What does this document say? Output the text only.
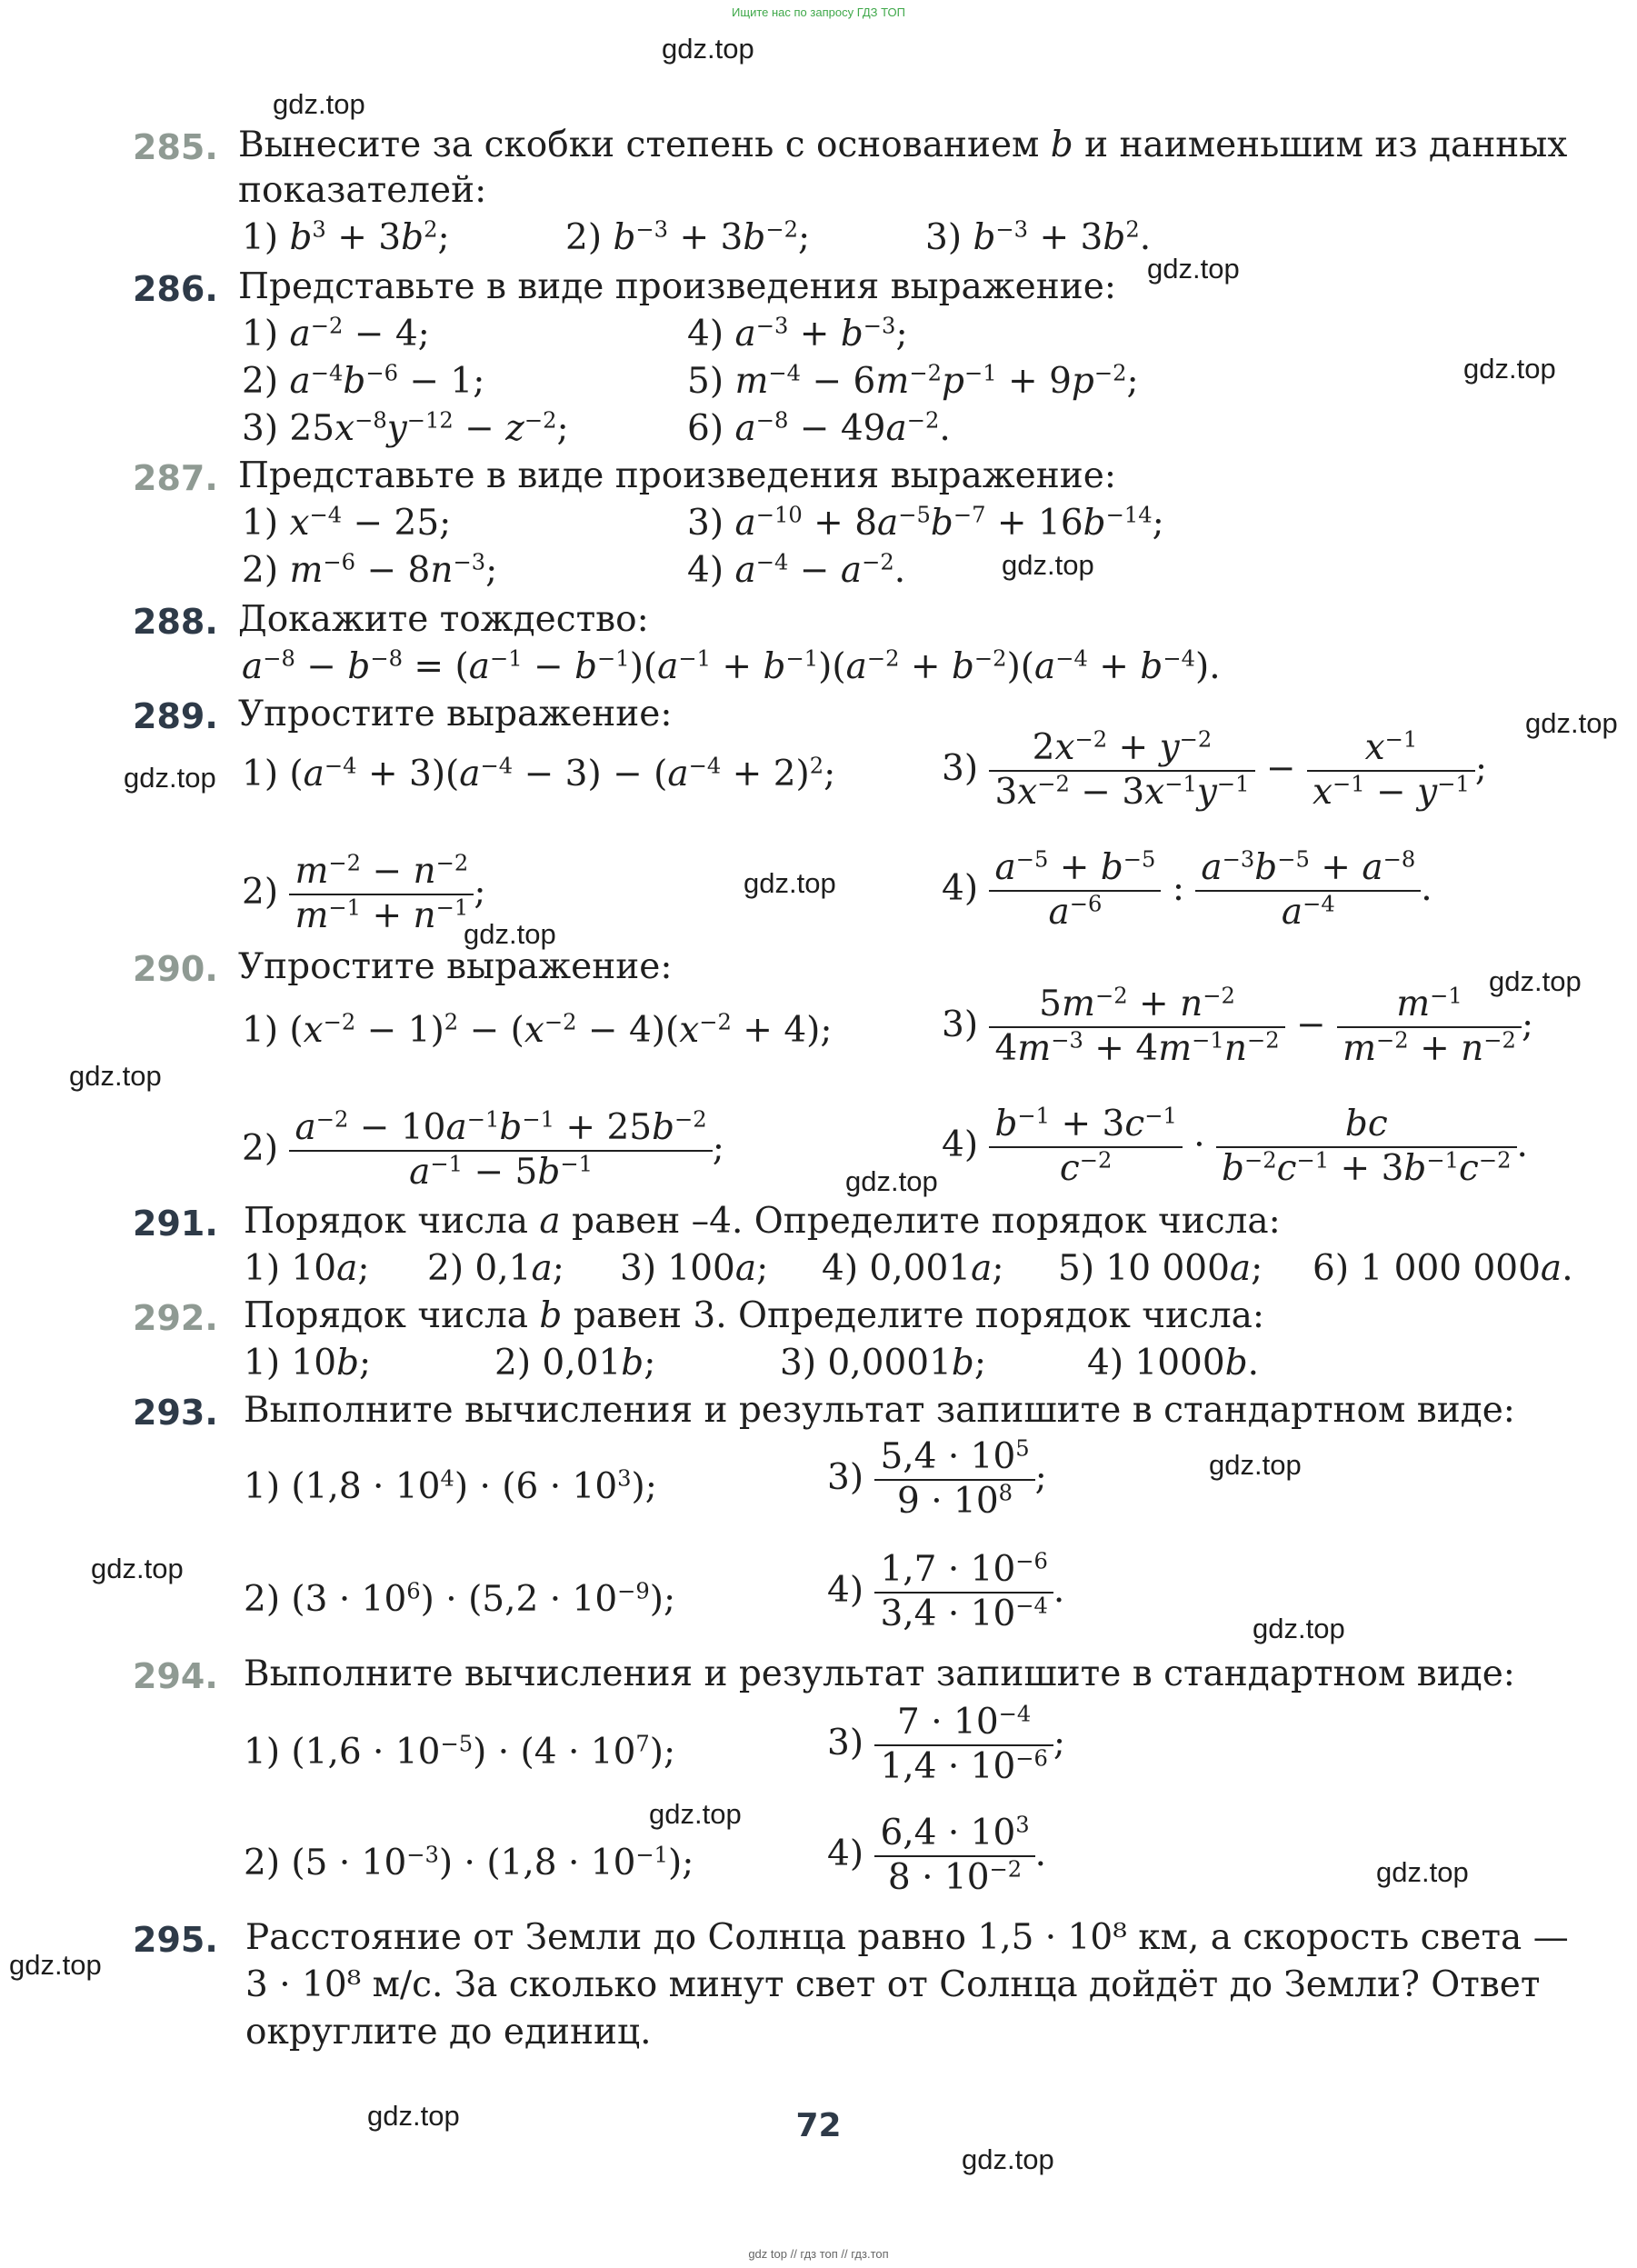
Ищите нас по запросу ГДЗ ТОП
gdz.top
gdz.top
gdz.top
gdz.top
gdz.top
gdz.top
gdz.top
gdz.top
gdz.top
gdz.top
gdz.top
gdz.top
gdz.top
gdz.top
gdz.top
gdz.top
gdz.top
gdz.top
gdz.top
gdz.top
285. Вынесите за скобки степень с основанием b и наименьшим из данных
показателей:
1) $b^3 + 3b^2$;	2) $b^{-3} + 3b^{-2}$;	3) $b^{-3} + 3b^2$.
286. Представьте в виде произведения выражение:
1) $a^{-2} - 4$;	4) $a^{-3} + b^{-3}$;
2) $a^{-4}b^{-6} - 1$;	5) $m^{-4} - 6m^{-2}p^{-1} + 9p^{-2}$;
3) $25x^{-8}y^{-12} - z^{-2}$;	6) $a^{-8} - 49a^{-2}$.
287. Представьте в виде произведения выражение:
1) $x^{-4} - 25$;	3) $a^{-10} + 8a^{-5}b^{-7} + 16b^{-14}$;
2) $m^{-6} - 8n^{-3}$;	4) $a^{-4} - a^{-2}$.
288. Докажите тождество:
$a^{-8} - b^{-8} = (a^{-1} - b^{-1})(a^{-1} + b^{-1})(a^{-2} + b^{-2})(a^{-4} + b^{-4})$.
289. Упростите выражение:
1) $(a^{-4} + 3)(a^{-4} - 3) - (a^{-4} + 2)^2$;	$3) \frac{2x^{-2} + y^{-2}}{3x^{-2} - 3x^{-1}y^{-1}} - \frac{x^{-1}}{x^{-1} - y^{-1}}$ ;
$2) \frac{m^{-2} - n^{-2}}{m^{-1} + n^{-1}}$ ;	$4) \frac{a^{-5} + b^{-5}}{a^{-6}}$ : $\frac{a^{-3}b^{-5} + a^{-8}}{a^{-4}}$ .
290. Упростите выражение:
1) $(x^{-2} - 1)^2 - (x^{-2} - 4)(x^{-2} + 4)$;	$3) \frac{5m^{-2} + n^{-2}}{4m^{-3} + 4m^{-1}n^{-2}} - \frac{m^{-1}}{m^{-2} + n^{-2}}$ ;
$2) \frac{a^{-2} - 10a^{-1}b^{-1} + 25b^{-2}}{a^{-1} - 5b^{-1}}$ ;	$4) \frac{b^{-1} + 3c^{-1}}{c^{-2}} \cdot \frac{bc}{b^{-2}c^{-1} + 3b^{-1}c^{-2}}$ .
291. Порядок числа a равен –4. Определите порядок числа:
1) 10a; 2) 0,1a; 3) 100a; 4) 0,001a; 5) 10 000a; 6) 1 000 000a.
292. Порядок числа b равен 3. Определите порядок числа:
1) 10b;	2) 0,01b;	3) 0,0001b;	4) 1000b.
293. Выполните вычисления и результат запишите в стандартном виде:
1) $(1,8 \cdot 10^4) \cdot (6 \cdot 10^3)$;	$3) \frac{5,4 \cdot 10^5}{9 \cdot 10^8}$ ;
2) $(3 \cdot 10^6) \cdot (5,2 \cdot 10^{-9})$;	$4) \frac{1,7 \cdot 10^{-6}}{3,4 \cdot 10^{-4}}$ .
294. Выполните вычисления и результат запишите в стандартном виде:
1) $(1,6 \cdot 10^{-5}) \cdot (4 \cdot 10^7)$;	$3) \frac{7 \cdot 10^{-4}}{1,4 \cdot 10^{-6}}$ ;
2) $(5 \cdot 10^{-3}) \cdot (1,8 \cdot 10^{-1})$;	$4) \frac{6,4 \cdot 10^3}{8 \cdot 10^{-2}}$ .
295. Расстояние от Земли до Солнца равно 1,5 · 10⁸ км, а скорость света —
3 · 10⁸ м/с. За сколько минут свет от Солнца дойдёт до Земли? Ответ
округлите до единиц.
72
gdz top // гдз топ // гдз.топ
